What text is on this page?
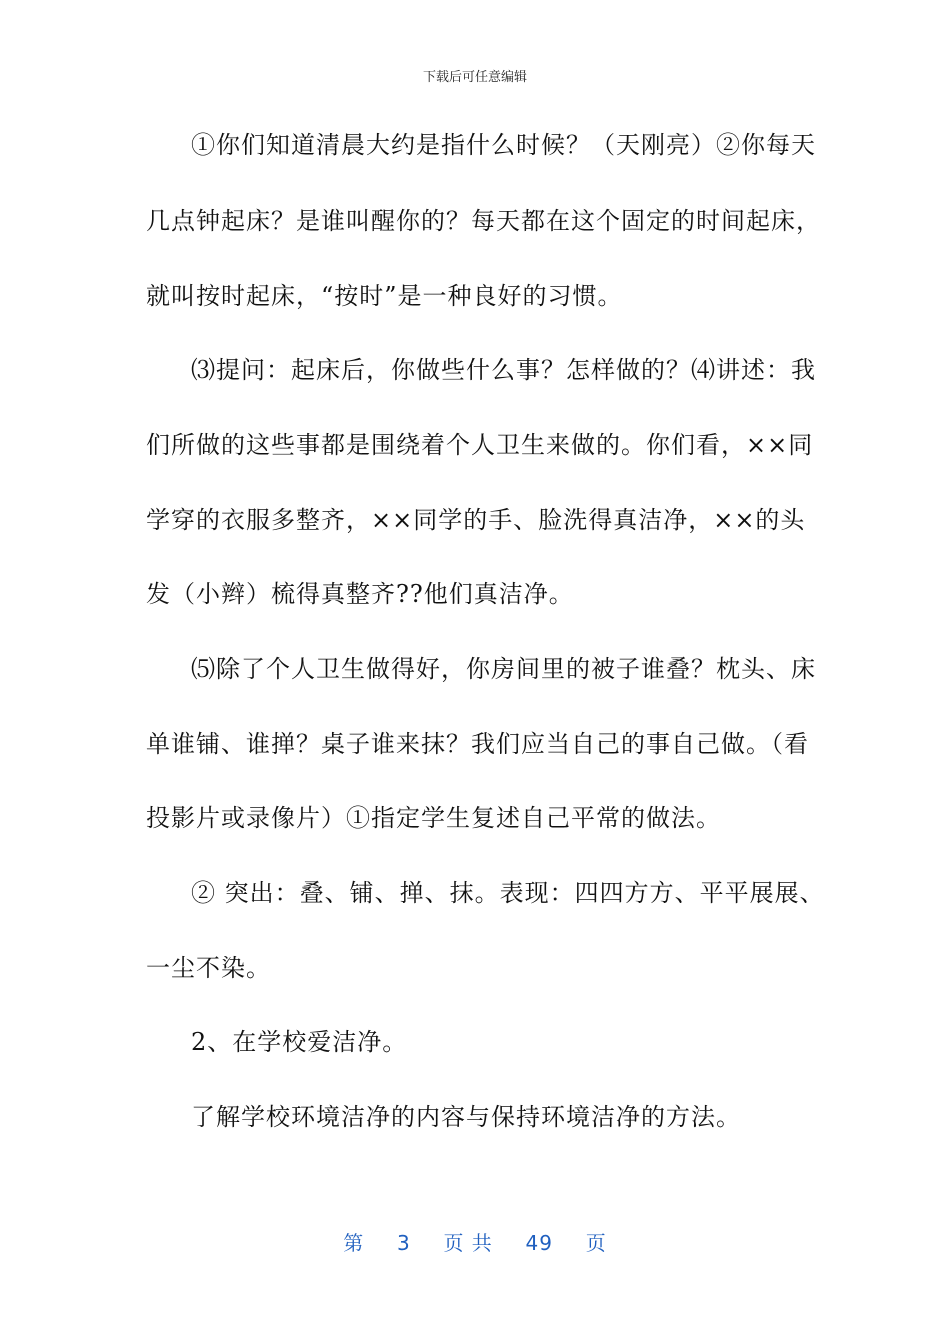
下载后可任意编辑
①你们知道清晨大约是指什么时候？（天刚亮）②你每天
几点钟起床？是谁叫醒你的？每天都在这个固定的时间起床，
就叫按时起床，“按时”是一种良好的习惯。
⑶提问：起床后，你做些什么事？怎样做的？⑷讲述：我
们所做的这些事都是围绕着个人卫生来做的。你们看，××同
学穿的衣服多整齐，××同学的手、脸洗得真洁净，××的头
发（小辫）梳得真整齐??他们真洁净。
⑸除了个人卫生做得好，你房间里的被子谁叠？枕头、床
单谁铺、谁掸？桌子谁来抹？我们应当自己的事自己做。（看
投影片或录像片）①指定学生复述自己平常的做法。
② 突出：叠、铺、掸、抹。表现：四四方方、平平展展、
一尘不染。
2、在学校爱洁净。
了解学校环境洁净的内容与保持环境洁净的方法。
第 3 页 共 49 页
